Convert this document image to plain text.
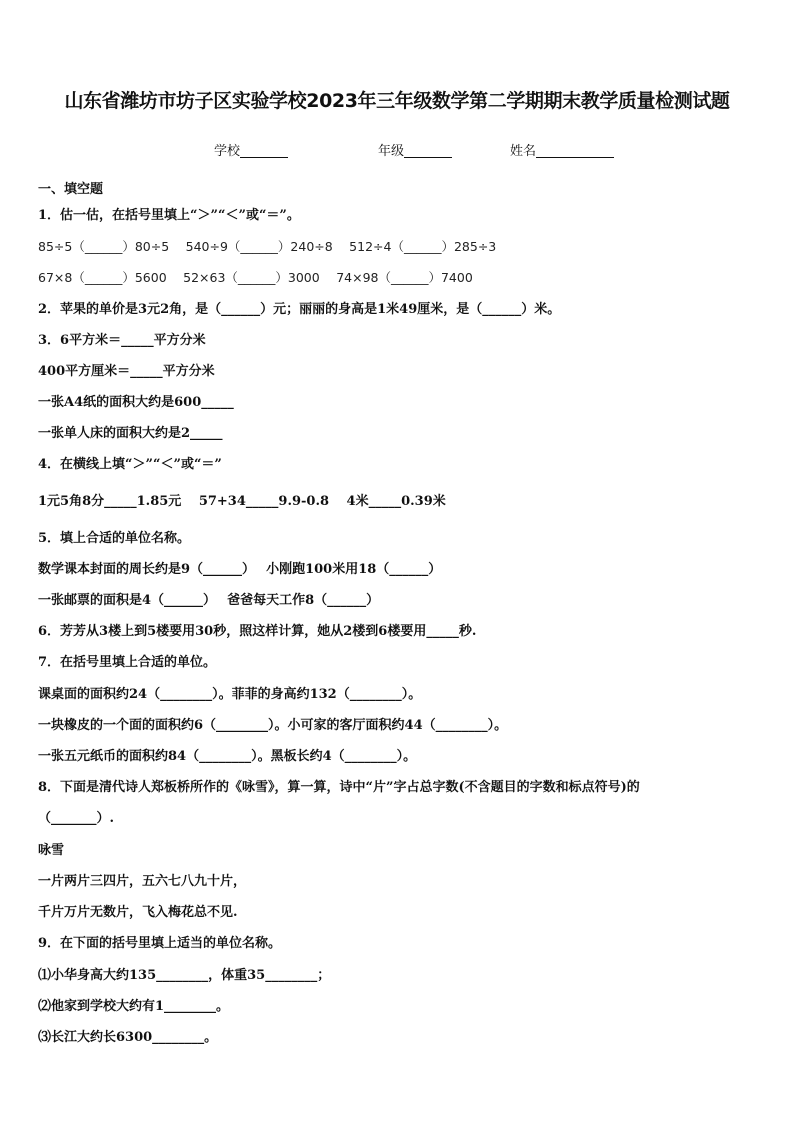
山东省潍坊市坊子区实验学校2023年三年级数学第二学期期末教学质量检测试题
学校	年级	姓名
一、填空题
1．估一估，在括号里填上“＞”“＜”或“＝”。
85÷5（______）80÷5　 540÷9（______）240÷8　 512÷4（______）285÷3
67×8（______）5600　 52×63（______）3000　 74×98（______）7400
2．苹果的单价是3元2角，是（______）元；丽丽的身高是1米49厘米，是（______）米。
3．6平方米＝_____平方分米
400平方厘米＝_____平方分米
一张A4纸的面积大约是600_____
一张单人床的面积大约是2_____
4．在横线上填“＞”“＜”或“＝”
1元5角8分_____1.85元　 57+34_____9.9-0.8　 4米_____0.39米
5．填上合适的单位名称。
数学课本封面的周长约是9（______）　 小刚跑100米用18（______）
一张邮票的面积是4（______）　 爸爸每天工作8（______）
6．芳芳从3楼上到5楼要用30秒，照这样计算，她从2楼到6楼要用_____秒.
7．在括号里填上合适的单位。
课桌面的面积约24（________）。菲菲的身高约132（________）。
一块橡皮的一个面的面积约6（________）。小可家的客厅面积约44（________）。
一张五元纸币的面积约84（________）。黑板长约4（________）。
8．下面是清代诗人郑板桥所作的《咏雪》，算一算，诗中“片”字占总字数(不含题目的字数和标点符号)的
（_______）.
咏雪
一片两片三四片，五六七八九十片，
千片万片无数片，飞入梅花总不见.
9．在下面的括号里填上适当的单位名称。
⑴小华身高大约135________，体重35________；
⑵他家到学校大约有1________。
⑶长江大约长6300________。
